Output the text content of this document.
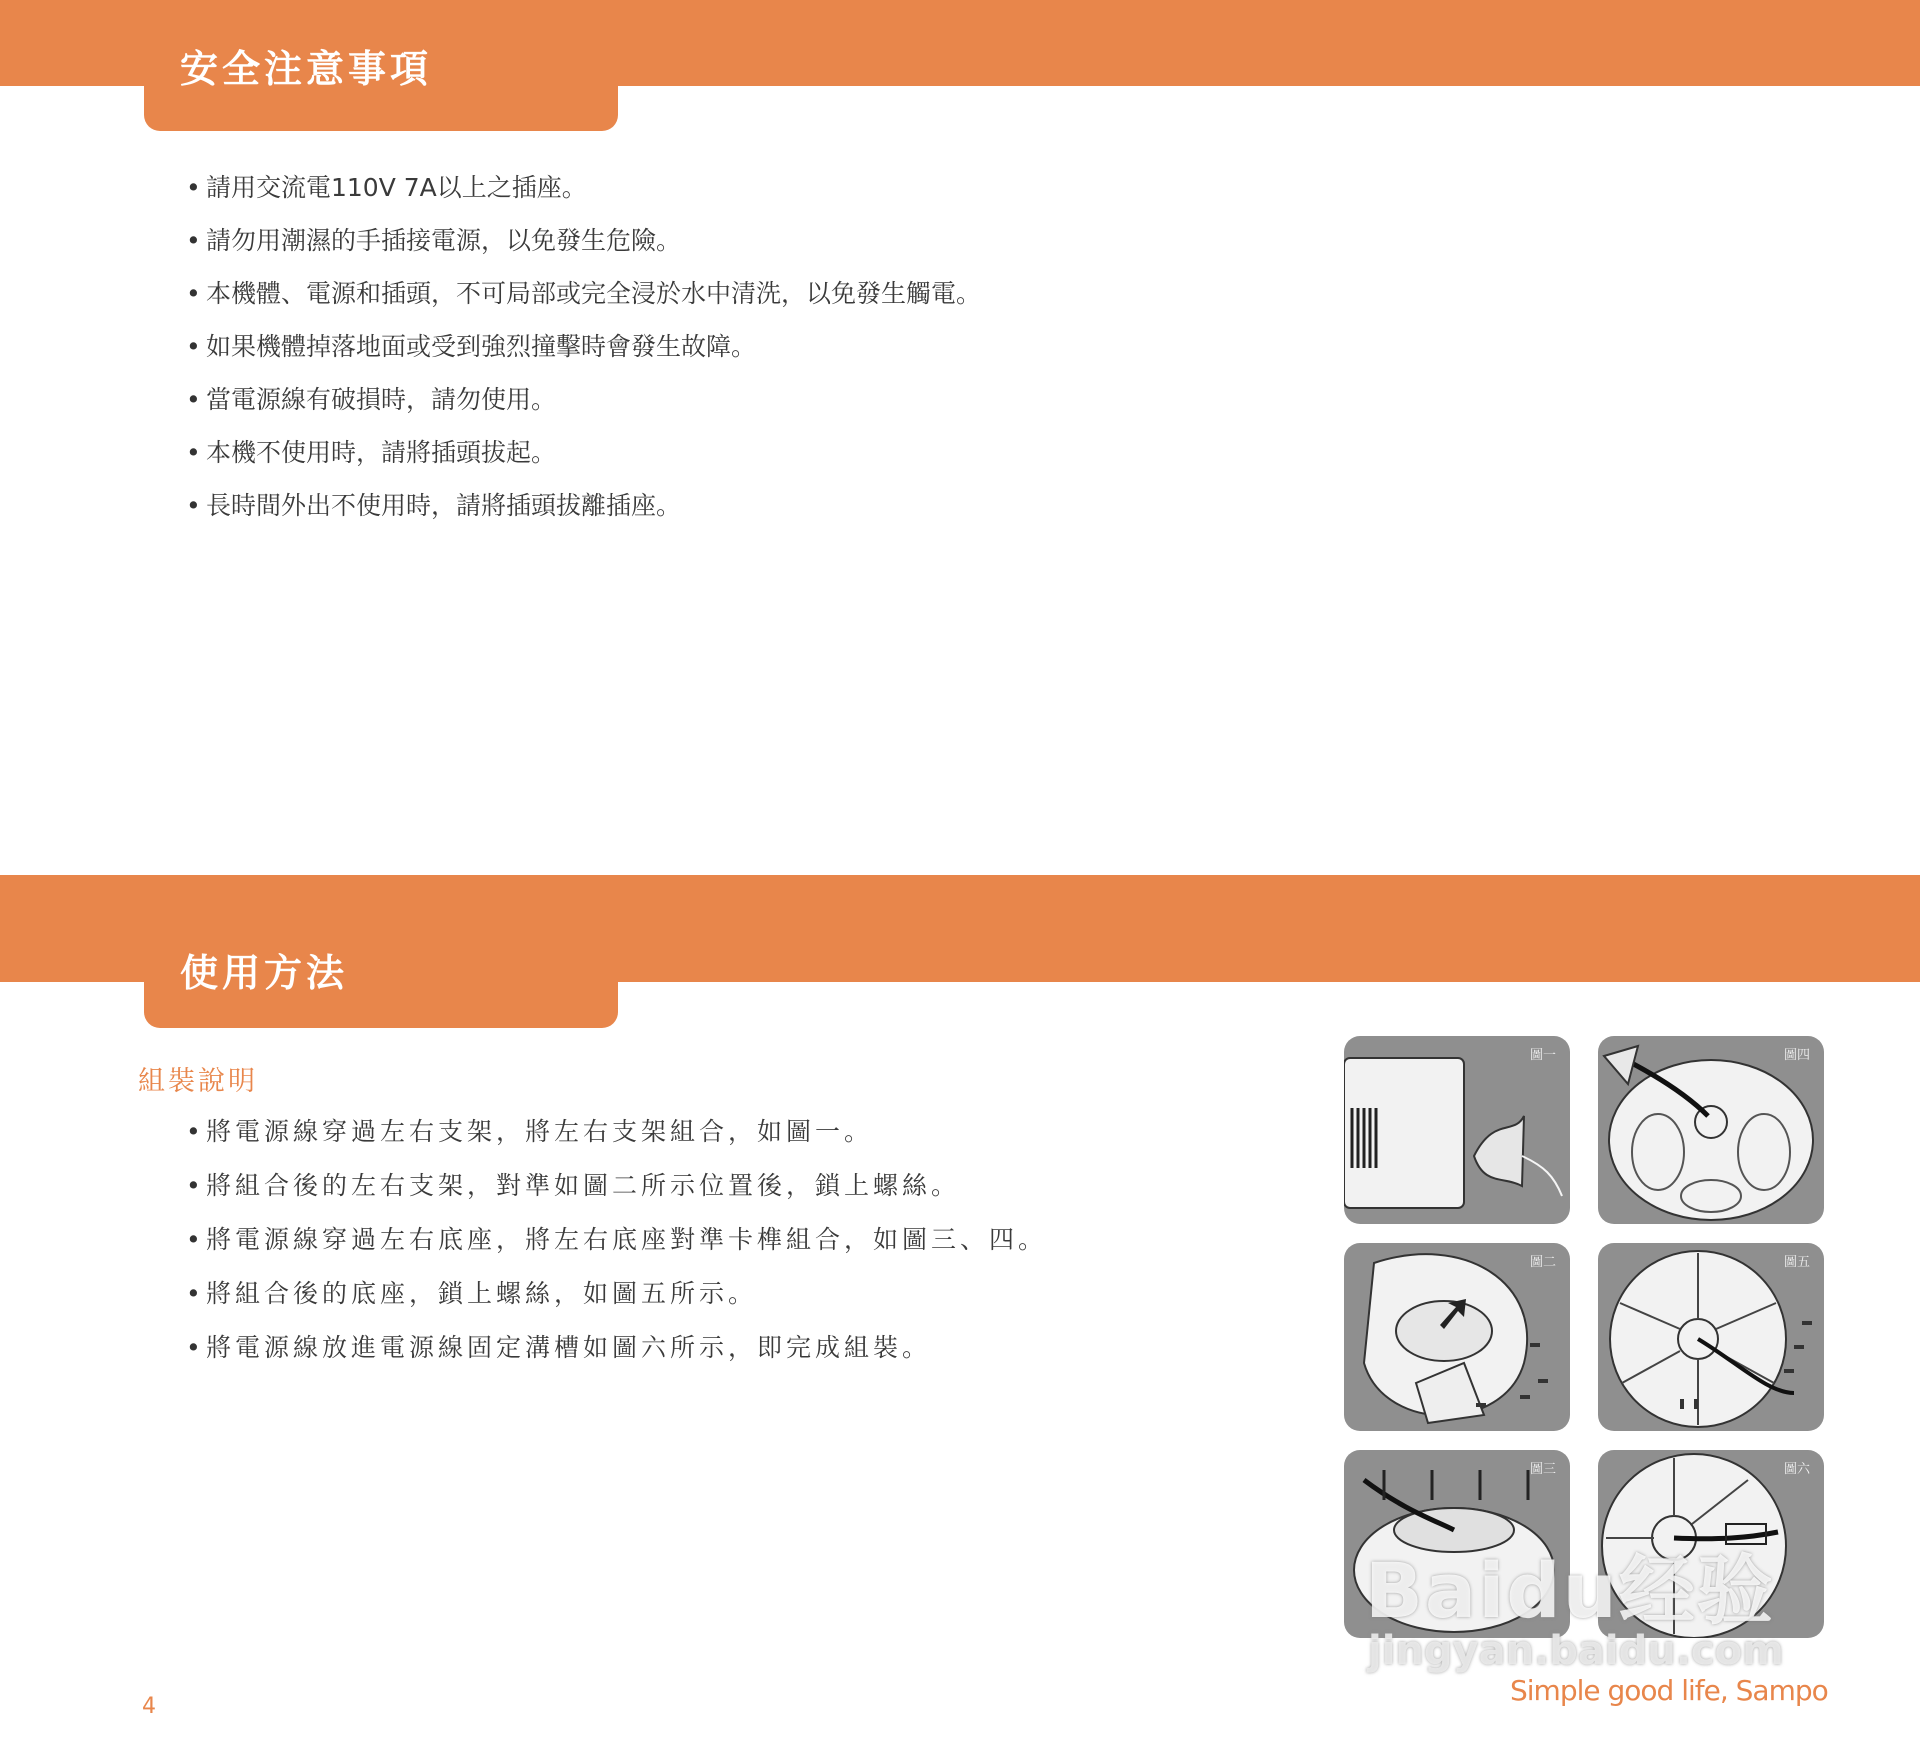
安全注意事項
• 請用交流電110V 7A以上之插座。
• 請勿用潮濕的手插接電源，以免發生危險。
• 本機體、電源和插頭，不可局部或完全浸於水中清洗，以免發生觸電。
• 如果機體掉落地面或受到強烈撞擊時會發生故障。
• 當電源線有破損時，請勿使用。
• 本機不使用時，請將插頭拔起。
• 長時間外出不使用時，請將插頭拔離插座。
使用方法
組裝說明
• 將電源線穿過左右支架，將左右支架組合，如圖一。
• 將組合後的左右支架，對準如圖二所示位置後，鎖上螺絲。
• 將電源線穿過左右底座，將左右底座對準卡榫組合，如圖三、四。
• 將組合後的底座，鎖上螺絲，如圖五所示。
• 將電源線放進電源線固定溝槽如圖六所示，即完成組裝。
圖一	圖四
圖二	圖五
圖三	圖六
Baidu经验
jingyan.baidu.com
4	Simple good life, Sampo
